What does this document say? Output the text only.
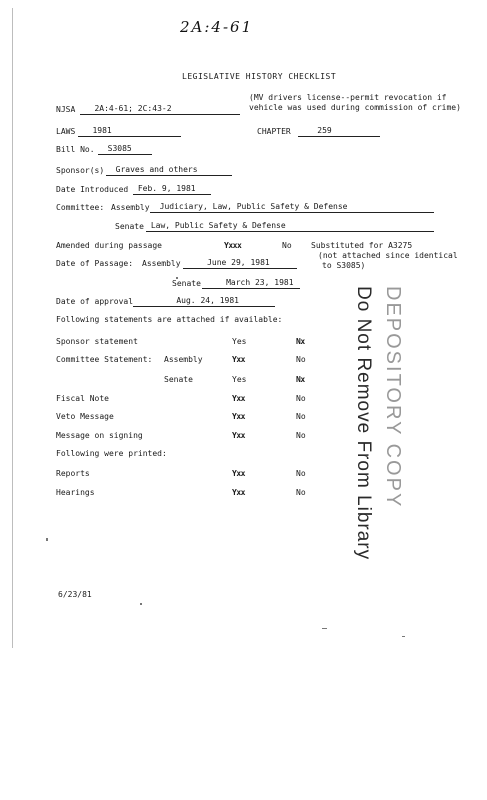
2A:4-61
LEGISLATIVE HISTORY CHECKLIST
(MV drivers license--permit revocation if
vehicle was used during commission of crime)
NJSA	2A:4-61; 2C:43-2
LAWS	1981	CHAPTER	259
Bill No.	S3085
Sponsor(s)	Graves and others
Date Introduced	Feb. 9, 1981
Committee: Assembly	Judiciary, Law, Public Safety & Defense
Senate Law, Public Safety & Defense
Amended during passage	Yxxx	No Substituted for A3275
(not attached since identical
to S3085)
Date of Passage: Assembly	June 29, 1981
Senate	March 23, 1981
Date of approval	Aug. 24, 1981
Following statements are attached if available:
Sponsor statement	Yes	Nx
Committee Statement: Assembly	Yxx	No
Senate	Yes	Nx
Fiscal Note	Yxx	No
Veto Message	Yxx	No
Message on signing	Yxx	No
Following were printed:
Reports	Yxx	No
Hearings	Yxx	No Do Not Remove From Library DEPOSITORY COPY
6/23/81
